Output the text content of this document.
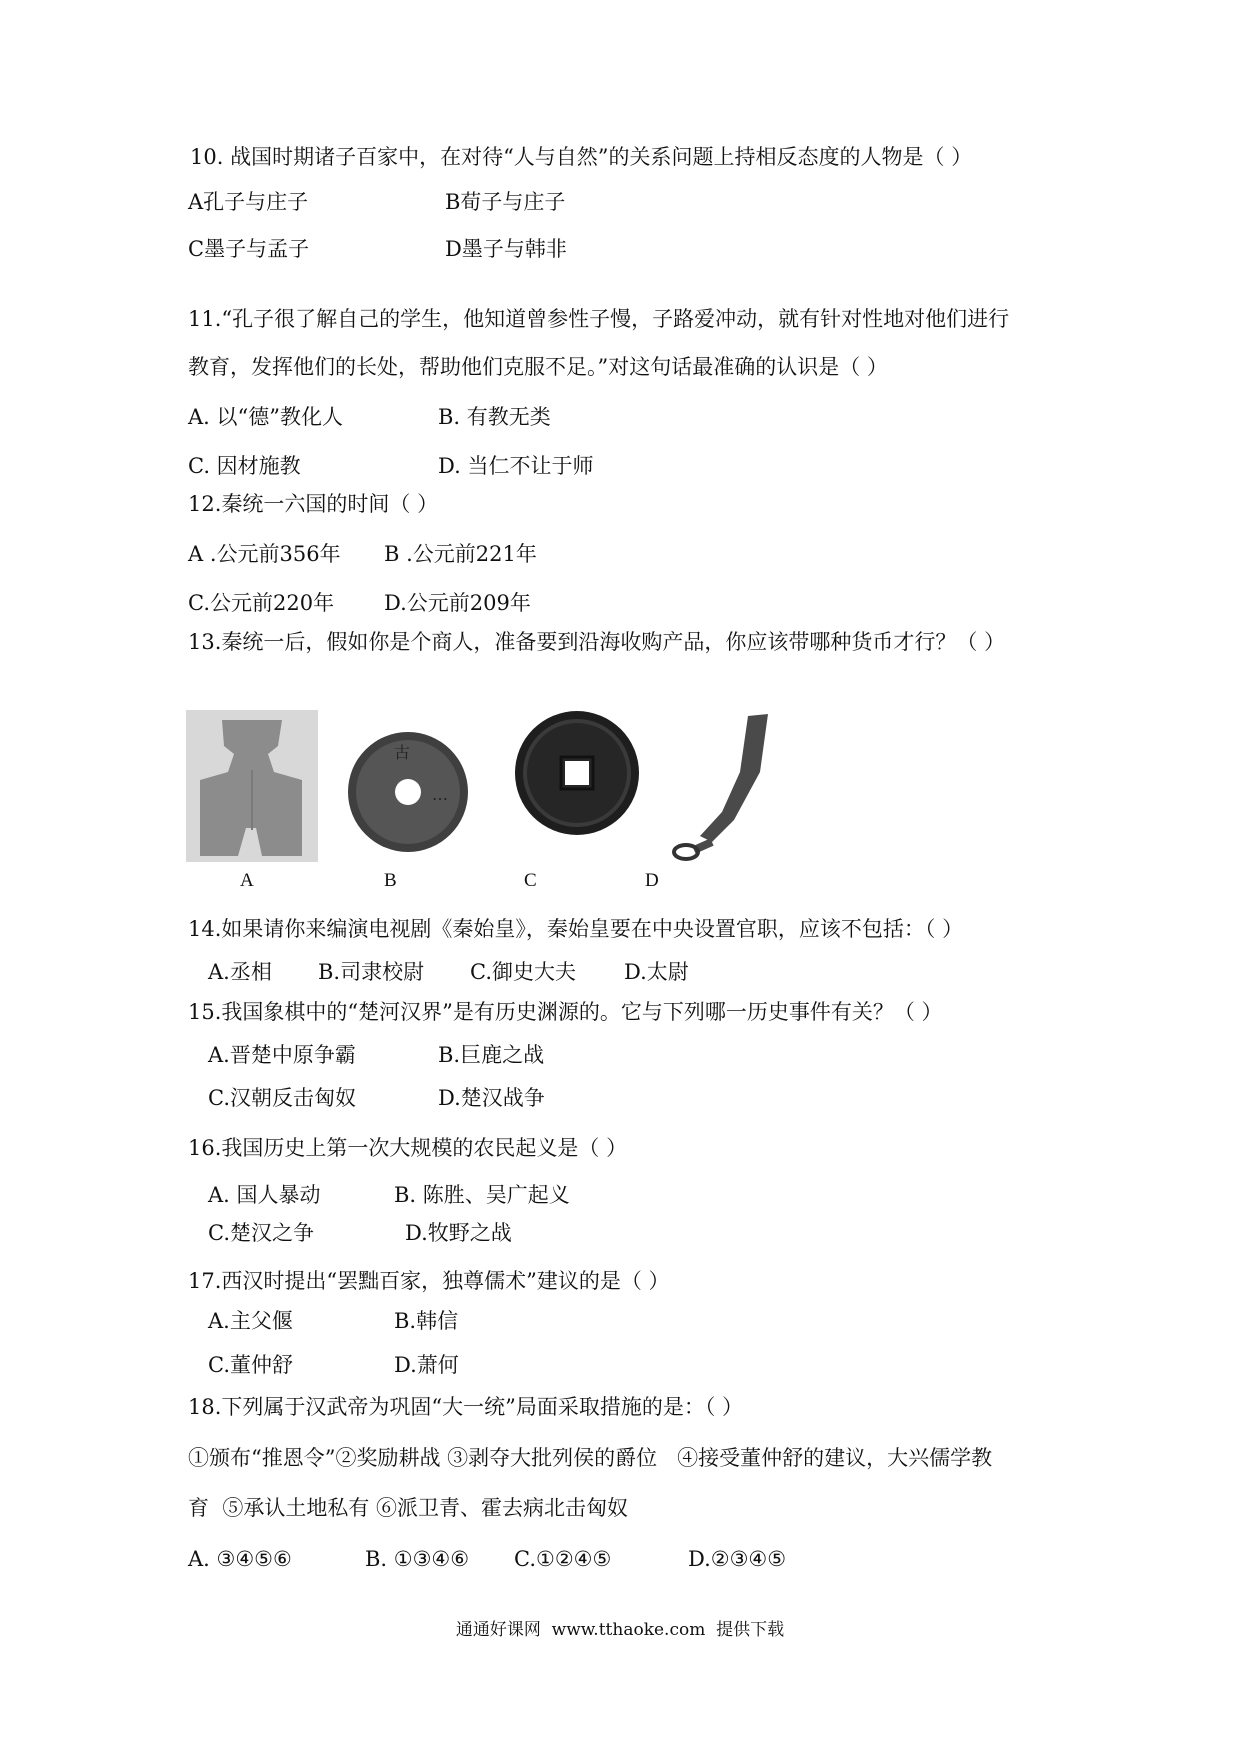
10. 战国时期诸子百家中，在对待“人与自然”的关系问题上持相反态度的人物是（ ）
A孔子与庄子	B荀子与庄子
C墨子与孟子	D墨子与韩非
11.“孔子很了解自己的学生，他知道曾参性子慢，子路爱冲动，就有针对性地对他们进行
教育，发挥他们的长处，帮助他们克服不足。”对这句话最准确的认识是（ ）
A. 以“德”教化人	B. 有教无类
C. 因材施教	D. 当仁不让于师
12.秦统一六国的时间（ ）
A .公元前356年 B .公元前221年
C.公元前220年 D.公元前209年
13.秦统一后，假如你是个商人，准备要到沿海收购产品，你应该带哪种货币才行？（ ）
古
…
A	B	C	D
14.如果请你来编演电视剧《秦始皇》，秦始皇要在中央设置官职，应该不包括：（ ）
A.丞相 B.司隶校尉 C.御史大夫 D.太尉
15.我国象棋中的“楚河汉界”是有历史渊源的。它与下列哪一历史事件有关？（ ）
A.晋楚中原争霸	B.巨鹿之战
C.汉朝反击匈奴	D.楚汉战争
16.我国历史上第一次大规模的农民起义是（ ）
A. 国人暴动	B. 陈胜、吴广起义
C.楚汉之争	D.牧野之战
17.西汉时提出“罢黜百家，独尊儒术”建议的是（ ）
A.主父偃	B.韩信
C.董仲舒	D.萧何
18.下列属于汉武帝为巩固“大一统”局面采取措施的是：（ ）
①颁布“推恩令”②奖励耕战 ③剥夺大批列侯的爵位   ④接受董仲舒的建议，大兴儒学教
育  ⑤承认土地私有 ⑥派卫青、霍去病北击匈奴
A. ③④⑤⑥	B. ①③④⑥ C.①②④⑤	D.②③④⑤
通通好课网  www.tthaoke.com  提供下载
